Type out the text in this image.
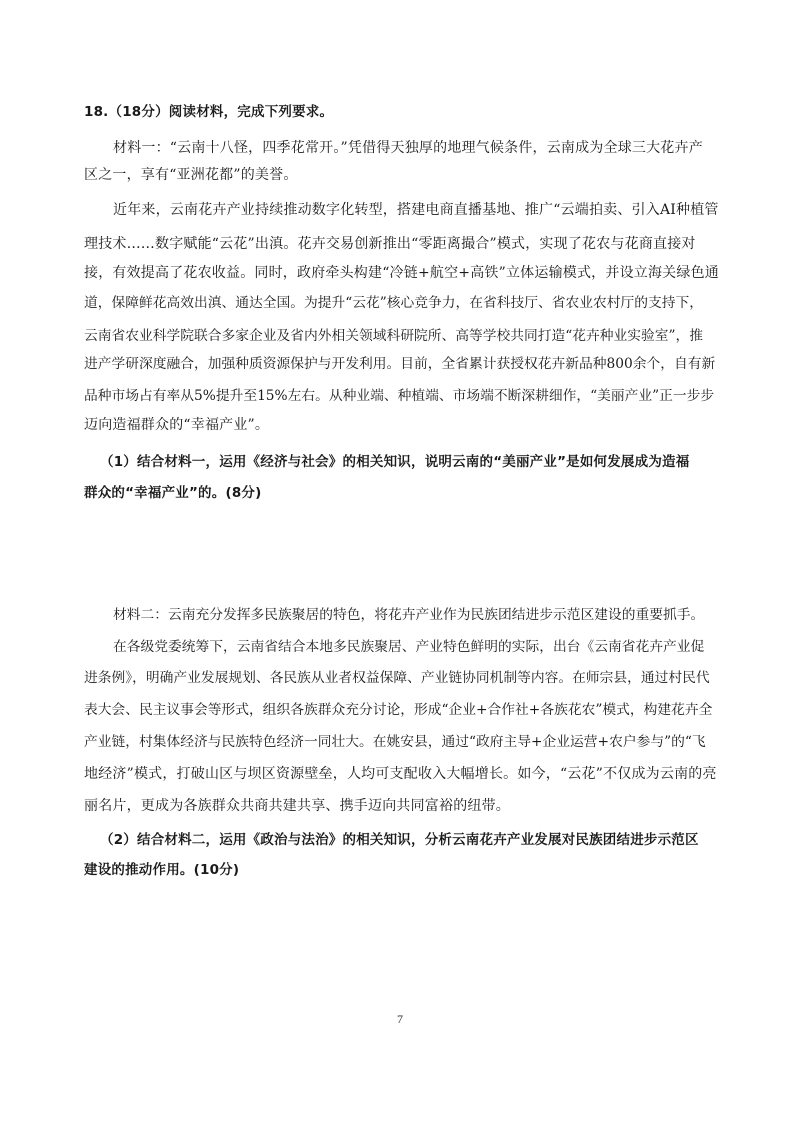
18.（18分）阅读材料，完成下列要求。
材料一：“云南十八怪，四季花常开。”凭借得天独厚的地理气候条件，云南成为全球三大花卉产
区之一，享有“亚洲花都”的美誉。
近年来，云南花卉产业持续推动数字化转型，搭建电商直播基地、推广“云端拍卖、引入AI种植管
理技术……数字赋能“云花”出滇。花卉交易创新推出“零距离撮合”模式，实现了花农与花商直接对
接，有效提高了花农收益。同时，政府牵头构建“冷链+航空+高铁”立体运输模式，并设立海关绿色通
道，保障鲜花高效出滇、通达全国。为提升“云花”核心竞争力，在省科技厅、省农业农村厅的支持下，
云南省农业科学院联合多家企业及省内外相关领域科研院所、高等学校共同打造“花卉种业实验室”，推
进产学研深度融合，加强种质资源保护与开发利用。目前，全省累计获授权花卉新品种800余个，自有新
品种市场占有率从5%提升至15%左右。从种业端、种植端、市场端不断深耕细作，“美丽产业”正一步步
迈向造福群众的“幸福产业”。
（1）结合材料一，运用《经济与社会》的相关知识，说明云南的“美丽产业”是如何发展成为造福
群众的“幸福产业”的。(8分)
材料二：云南充分发挥多民族聚居的特色，将花卉产业作为民族团结进步示范区建设的重要抓手。
在各级党委统筹下，云南省结合本地多民族聚居、产业特色鲜明的实际，出台《云南省花卉产业促
进条例》，明确产业发展规划、各民族从业者权益保障、产业链协同机制等内容。在师宗县，通过村民代
表大会、民主议事会等形式，组织各族群众充分讨论，形成“企业+合作社+各族花农”模式，构建花卉全
产业链，村集体经济与民族特色经济一同壮大。在姚安县，通过“政府主导+企业运营+农户参与”的“飞
地经济”模式，打破山区与坝区资源壁垒，人均可支配收入大幅增长。如今，“云花”不仅成为云南的亮
丽名片，更成为各族群众共商共建共享、携手迈向共同富裕的纽带。
（2）结合材料二，运用《政治与法治》的相关知识，分析云南花卉产业发展对民族团结进步示范区
建设的推动作用。(10分)
7
